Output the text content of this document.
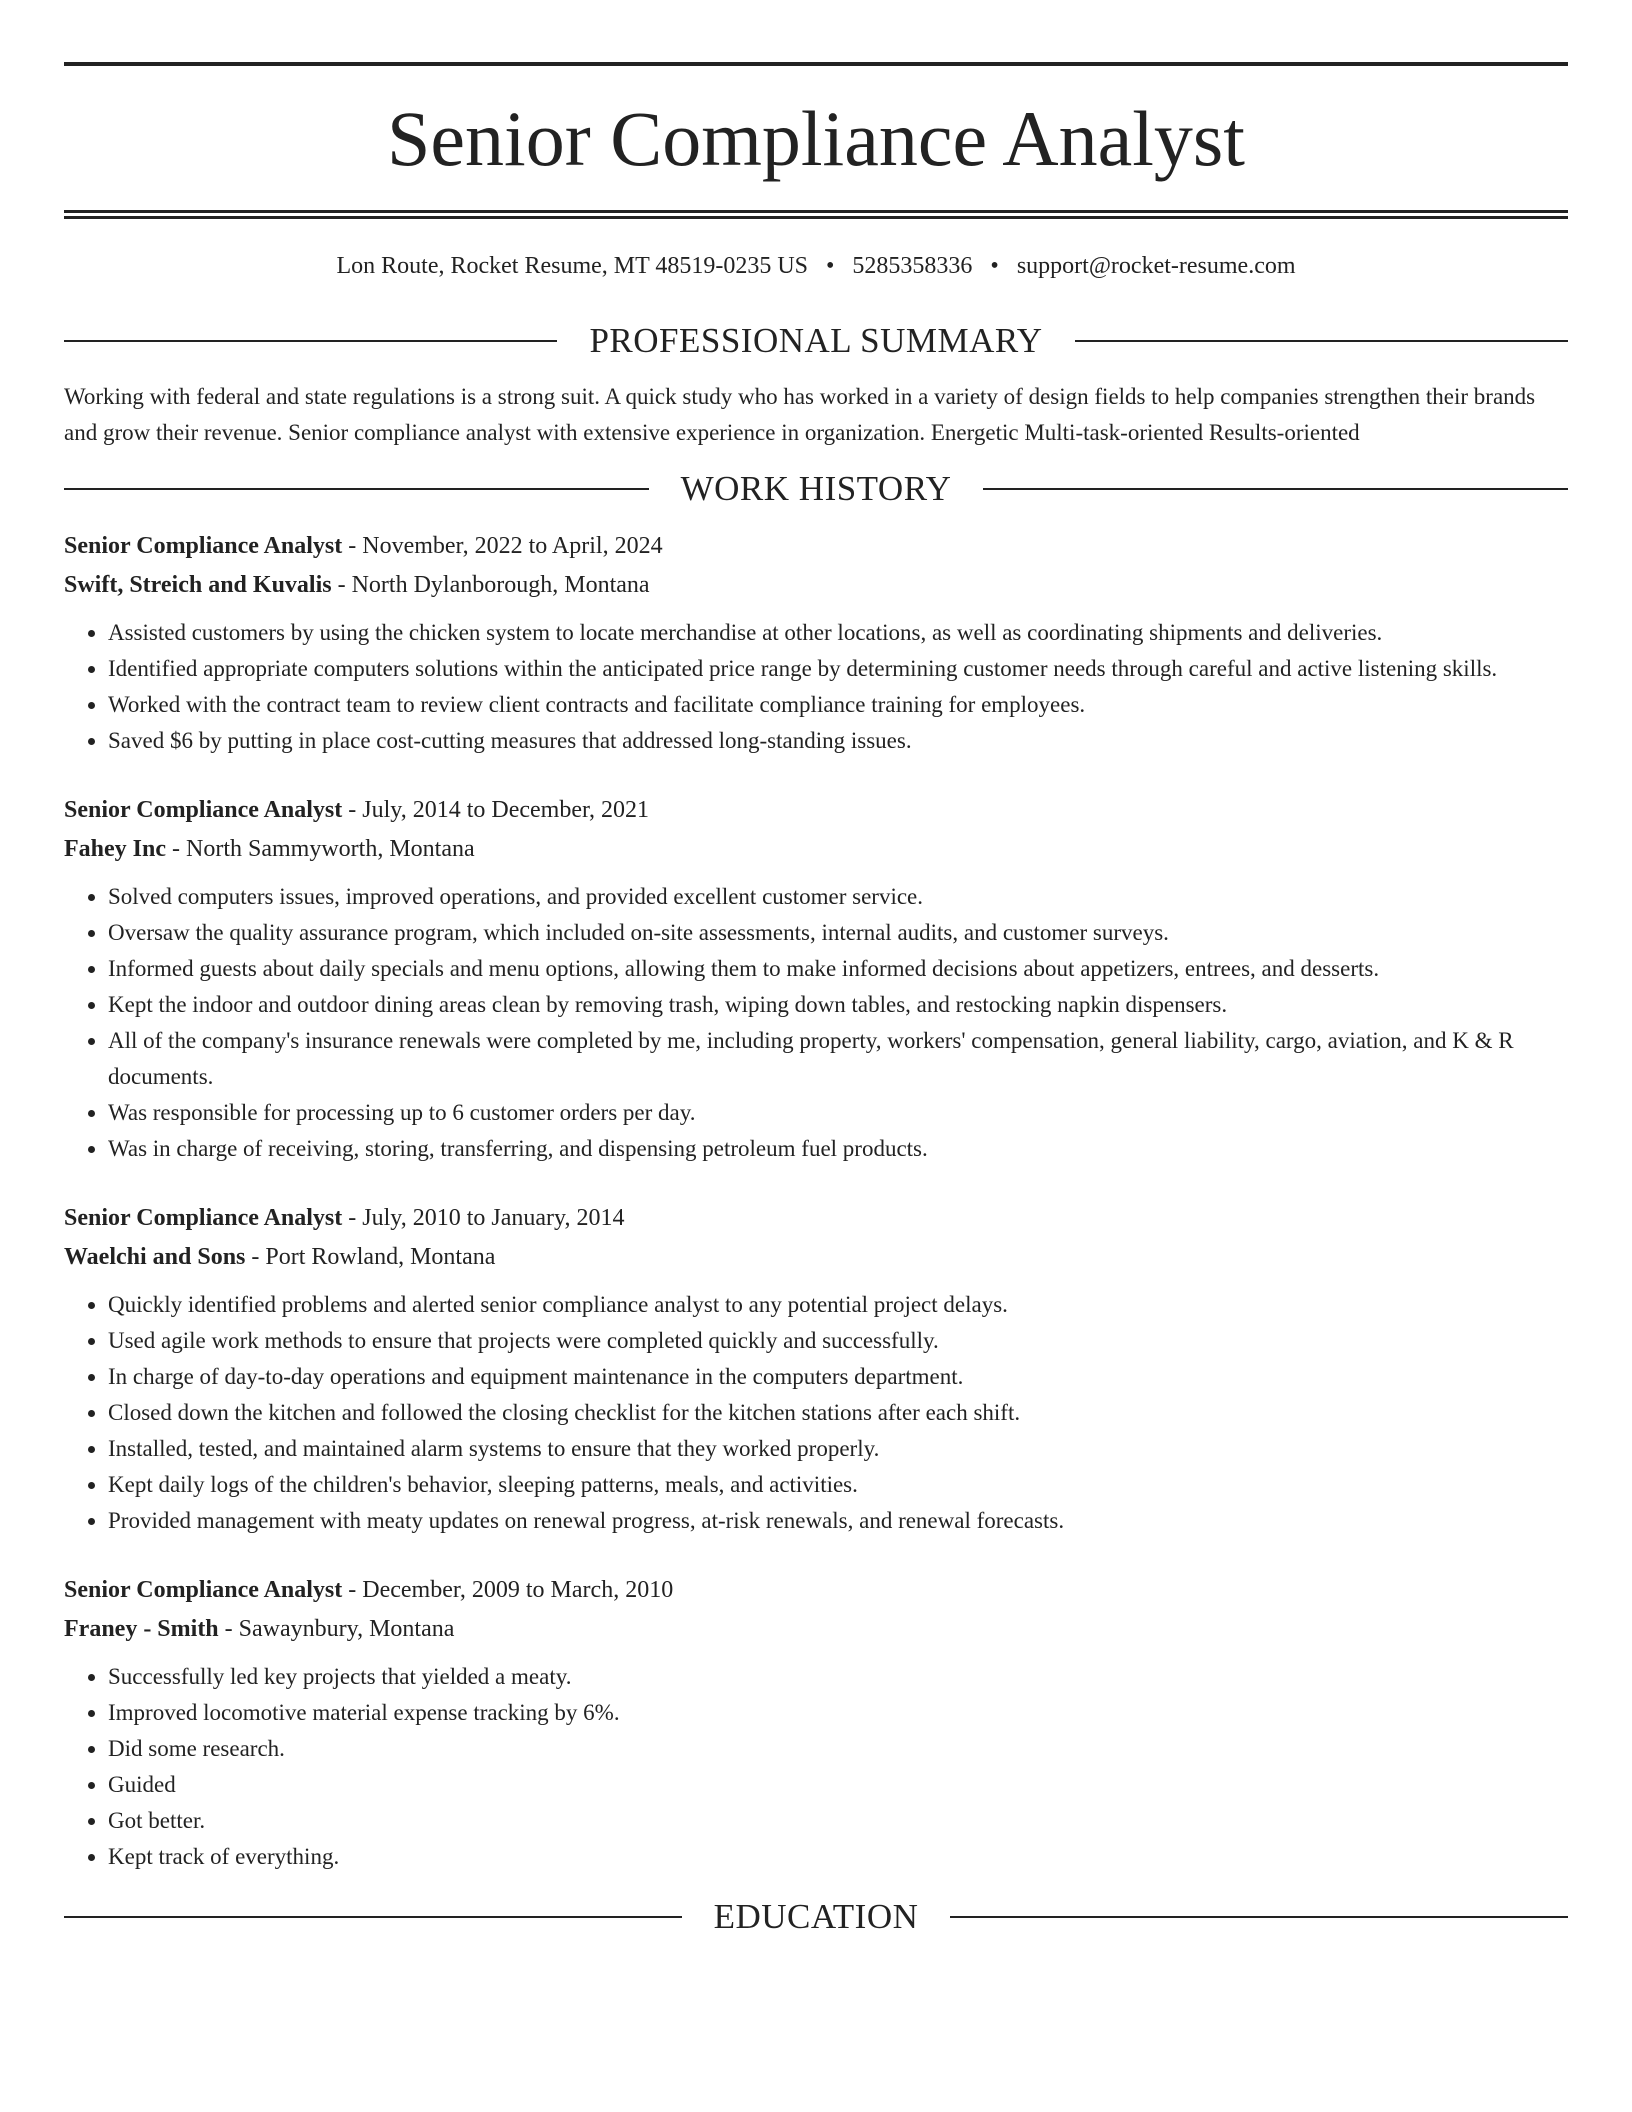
Senior Compliance Analyst
Lon Route, Rocket Resume, MT 48519-0235 US • 5285358336 • support@rocket-resume.com
PROFESSIONAL SUMMARY

Working with federal and state regulations is a strong suit. A quick study who has worked in a variety of design fields to help companies strengthen their brands and grow their revenue. Senior compliance analyst with extensive experience in organization. Energetic Multi-task-oriented Results-oriented

WORK HISTORY
Senior Compliance Analyst - November, 2022 to April, 2024
Swift, Streich and Kuvalis - North Dylanborough, Montana
• Assisted customers by using the chicken system to locate merchandise at other locations, as well as coordinating shipments and deliveries.
• Identified appropriate computers solutions within the anticipated price range by determining customer needs through careful and active listening skills.
• Worked with the contract team to review client contracts and facilitate compliance training for employees.
• Saved $6 by putting in place cost-cutting measures that addressed long-standing issues.
Senior Compliance Analyst - July, 2014 to December, 2021
Fahey Inc - North Sammyworth, Montana
• Solved computers issues, improved operations, and provided excellent customer service.
• Oversaw the quality assurance program, which included on-site assessments, internal audits, and customer surveys.
• Informed guests about daily specials and menu options, allowing them to make informed decisions about appetizers, entrees, and desserts.
• Kept the indoor and outdoor dining areas clean by removing trash, wiping down tables, and restocking napkin dispensers.
• All of the company's insurance renewals were completed by me, including property, workers' compensation, general liability, cargo, aviation, and K & R documents.
• Was responsible for processing up to 6 customer orders per day.
• Was in charge of receiving, storing, transferring, and dispensing petroleum fuel products.
Senior Compliance Analyst - July, 2010 to January, 2014
Waelchi and Sons - Port Rowland, Montana
• Quickly identified problems and alerted senior compliance analyst to any potential project delays.
• Used agile work methods to ensure that projects were completed quickly and successfully.
• In charge of day-to-day operations and equipment maintenance in the computers department.
• Closed down the kitchen and followed the closing checklist for the kitchen stations after each shift.
• Installed, tested, and maintained alarm systems to ensure that they worked properly.
• Kept daily logs of the children's behavior, sleeping patterns, meals, and activities.
• Provided management with meaty updates on renewal progress, at-risk renewals, and renewal forecasts.
Senior Compliance Analyst - December, 2009 to March, 2010
Franey - Smith - Sawaynbury, Montana
• Successfully led key projects that yielded a meaty.
• Improved locomotive material expense tracking by 6%.
• Did some research.
• Guided
• Got better.
• Kept track of everything.
EDUCATION
